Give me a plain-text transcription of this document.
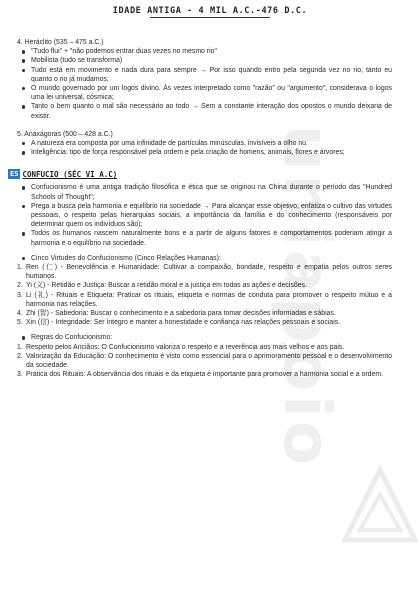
uniapoio
IDADE ANTIGA - 4 MIL A.C.-476 D.C.
4. Heráclito (535 – 475 a.C.)
"Tudo flui" + "não podemos entrar duas vezes no mesmo rio"
Mobilista (tudo se transforma)
Tudo está em movimento e nada dura para sempre → Por isso quando entro pela segunda vez no rio, tanto eu quanto o rio já mudamos;
O mundo governado por um logos divino. Às vezes interpretado como "razão" ou "argumento", considerava o logos uma lei universal, cósmica;
Tanto o bem quanto o mal são necessário ao todo → Sem a constante interação dos opostos o mundo deixaria de existir.
5. Anaxágoras (500 – 428 a.C.)
A natureza era composta por uma infinidade de partículas minúsculas, invisíveis a olho nu.
Inteligência: tipo de força responsável pela ordem e pela criação de homens, animais, flores e árvores;
ES CONFUCIO (SÉC VI A.C)
Confucionismo é uma antiga tradição filosófica e ética que se originou na China durante o período das "Hundred Schools of Thought";
Prega a busca pela harmonia e equilíbrio na sociedade → Para alcançar esse objetivo, enfatiza o cultivo das virtudes pessoais, o respeito pelas hierarquias sociais, a importância da família e do conhecimento (responsáveis por determinar quem os indivíduos são);
Todos os humanos nascem naturalmente bons e a partir de alguns fatores e comportamentos poderiam atingir a harmonia e o equilíbrio na sociedade.
Cinco Virtudes do Confucionismo (Cinco Relações Humanas):
1. Ren (仁) - Benevolência e Humanidade: Cultivar a compaixão, bondade, respeito e empatia pelos outros seres humanos.
2. Yi (义) - Retidão e Justiça: Buscar a retidão moral e a justiça em todas as ações e decisões.
3. Li (礼) - Rituais e Etiqueta: Praticar os rituais, etiqueta e normas de conduta para promover o respeito mútuo e a harmonia nas relações.
4. Zhi (智) - Sabedoria: Buscar o conhecimento e a sabedoria para tomar decisões informadas e sábias.
5. Xin (信) - Integridade: Ser íntegro e manter a honestidade e confiança nas relações pessoais e sociais.
Regras do Confucionismo:
1. Respeito pelos Anciãos: O Confucionismo valoriza o respeito e a reverência aos mais velhos e aos pais.
2. Valorização da Educação: O conhecimento é visto como essencial para o aprimoramento pessoal e o desenvolvimento da sociedade.
3. Prática dos Rituais: A observância dos rituais e da etiqueta é importante para promover a harmonia social e a ordem.
